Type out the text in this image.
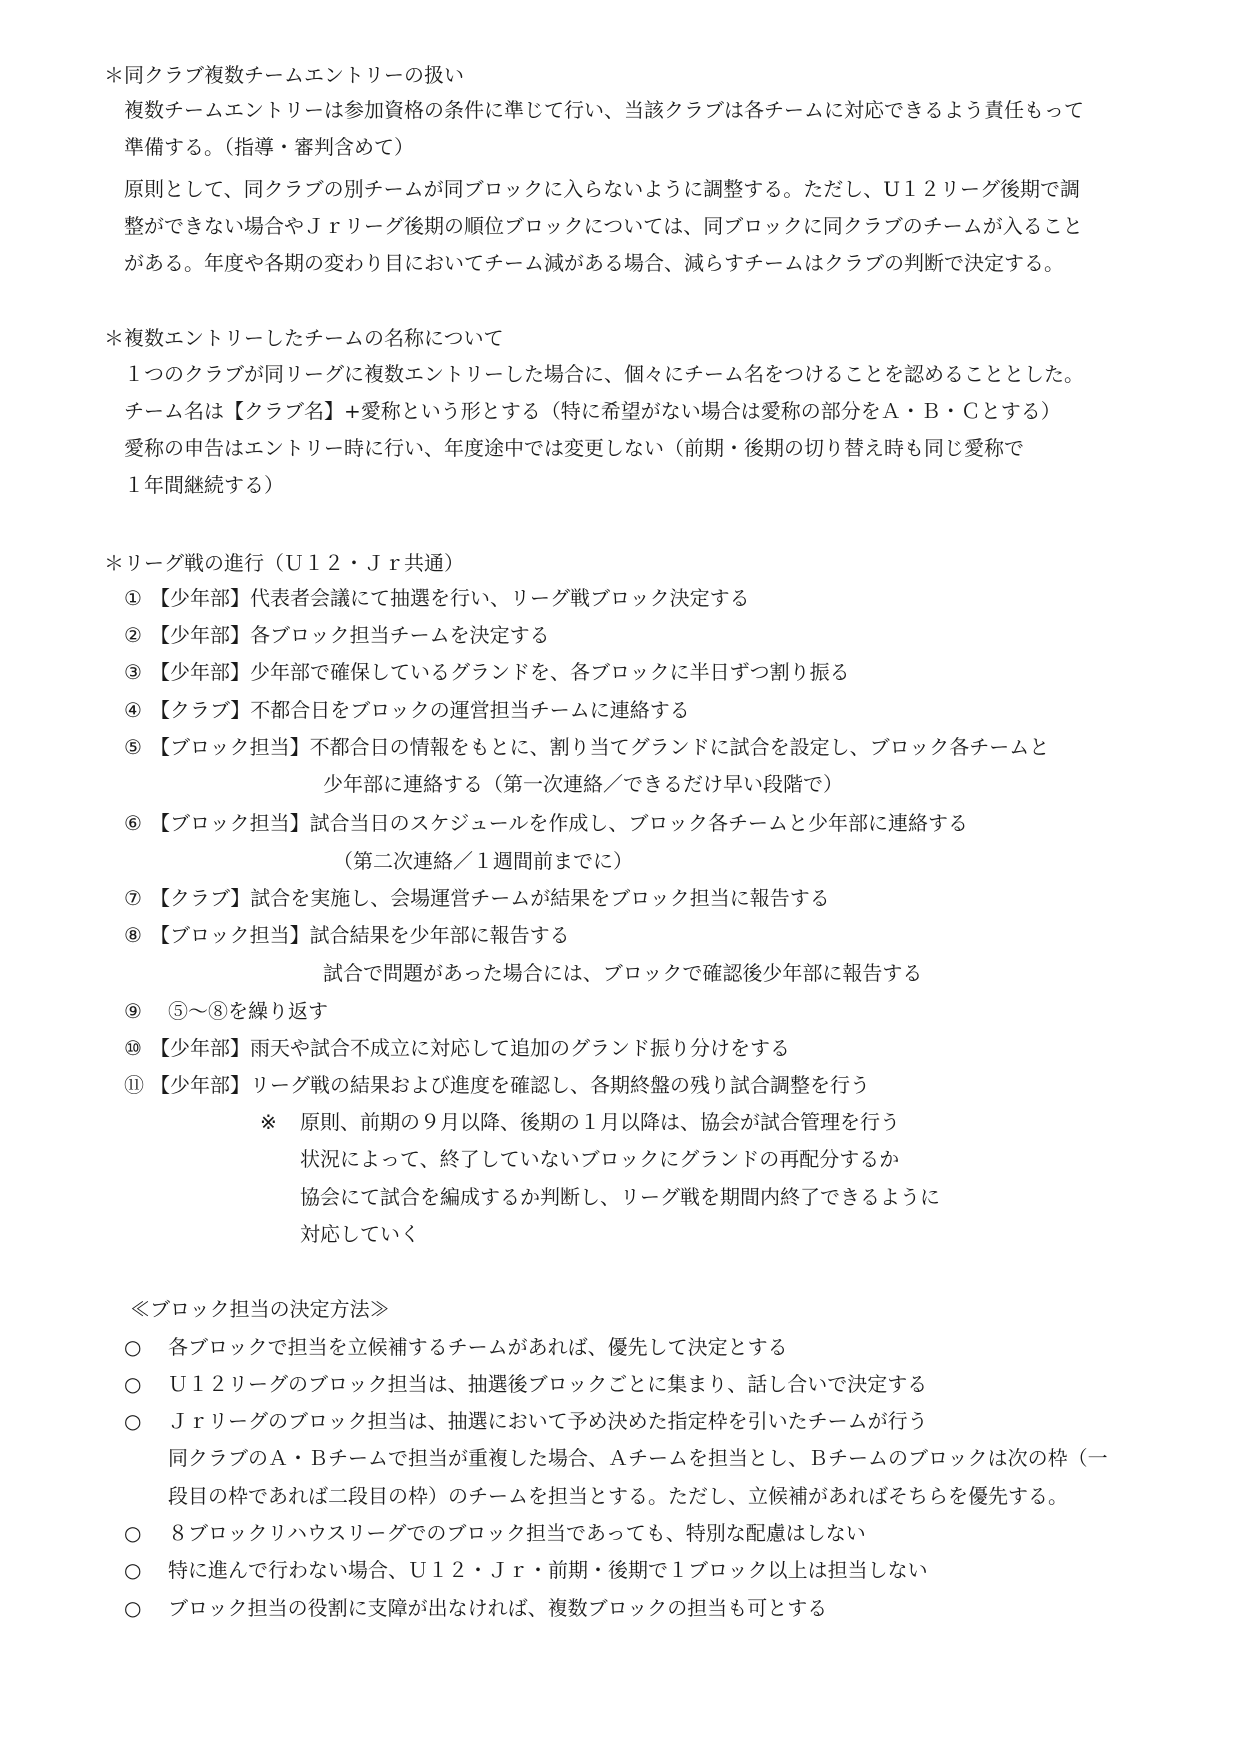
＊同クラブ複数チームエントリーの扱い
複数チームエントリーは参加資格の条件に準じて行い、当該クラブは各チームに対応できるよう責任もって
準備する。（指導・審判含めて）
原則として、同クラブの別チームが同ブロックに入らないように調整する。ただし、U１２リーグ後期で調
整ができない場合やＪｒリーグ後期の順位ブロックについては、同ブロックに同クラブのチームが入ること
がある。年度や各期の変わり目においてチーム減がある場合、減らすチームはクラブの判断で決定する。
＊複数エントリーしたチームの名称について
１つのクラブが同リーグに複数エントリーした場合に、個々にチーム名をつけることを認めることとした。
チーム名は【クラブ名】+愛称という形とする（特に希望がない場合は愛称の部分をＡ・Ｂ・Ｃとする）
愛称の申告はエントリー時に行い、年度途中では変更しない（前期・後期の切り替え時も同じ愛称で
１年間継続する）
＊リーグ戦の進行（Ｕ１２・Ｊｒ共通）
① 【少年部】代表者会議にて抽選を行い、リーグ戦ブロック決定する
② 【少年部】各ブロック担当チームを決定する
③ 【少年部】少年部で確保しているグランドを、各ブロックに半日ずつ割り振る
④ 【クラブ】不都合日をブロックの運営担当チームに連絡する
⑤ 【ブロック担当】不都合日の情報をもとに、割り当てグランドに試合を設定し、ブロック各チームと
少年部に連絡する（第一次連絡／できるだけ早い段階で）
⑥ 【ブロック担当】試合当日のスケジュールを作成し、ブロック各チームと少年部に連絡する
（第二次連絡／１週間前までに）
⑦ 【クラブ】試合を実施し、会場運営チームが結果をブロック担当に報告する
⑧ 【ブロック担当】試合結果を少年部に報告する
試合で問題があった場合には、ブロックで確認後少年部に報告する
⑨ ⑤～⑧を繰り返す
⑩ 【少年部】雨天や試合不成立に対応して追加のグランド振り分けをする
⑪ 【少年部】リーグ戦の結果および進度を確認し、各期終盤の残り試合調整を行う
※ 原則、前期の９月以降、後期の１月以降は、協会が試合管理を行う
状況によって、終了していないブロックにグランドの再配分するか
協会にて試合を編成するか判断し、リーグ戦を期間内終了できるように
対応していく
≪ブロック担当の決定方法≫
○ 各ブロックで担当を立候補するチームがあれば、優先して決定とする
○ Ｕ１２リーグのブロック担当は、抽選後ブロックごとに集まり、話し合いで決定する
○ Ｊｒリーグのブロック担当は、抽選において予め決めた指定枠を引いたチームが行う
同クラブのＡ・Ｂチームで担当が重複した場合、Ａチームを担当とし、Ｂチームのブロックは次の枠（一
段目の枠であれば二段目の枠）のチームを担当とする。ただし、立候補があればそちらを優先する。
○ ８ブロックリハウスリーグでのブロック担当であっても、特別な配慮はしない
○ 特に進んで行わない場合、Ｕ１２・Ｊｒ・前期・後期で１ブロック以上は担当しない
○ ブロック担当の役割に支障が出なければ、複数ブロックの担当も可とする
